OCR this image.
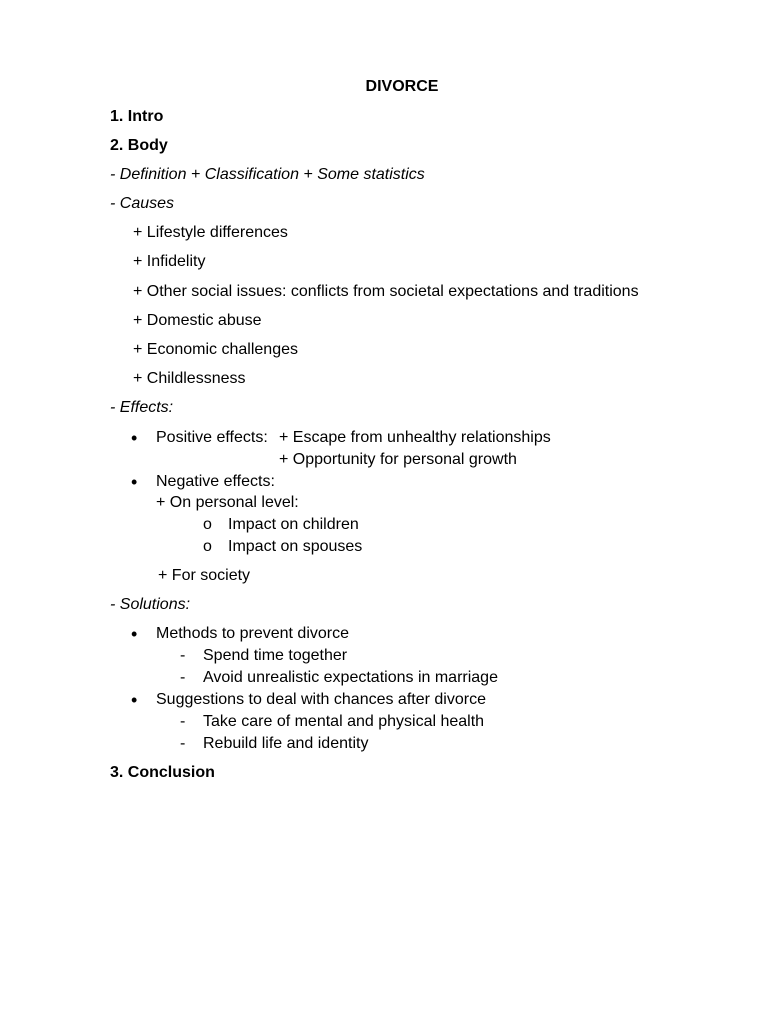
DIVORCE
1. Intro
2. Body
- Definition + Classification + Some statistics
- Causes
+ Lifestyle differences
+ Infidelity
+ Other social issues: conflicts from societal expectations and traditions
+ Domestic abuse
+ Economic challenges
+ Childlessness
- Effects:
• Positive effects: + Escape from unhealthy relationships
+ Opportunity for personal growth
• Negative effects:
+ On personal level:
o Impact on children
o Impact on spouses
+ For society
- Solutions:
• Methods to prevent divorce
- Spend time together
- Avoid unrealistic expectations in marriage
• Suggestions to deal with chances after divorce
- Take care of mental and physical health
- Rebuild life and identity
3. Conclusion
